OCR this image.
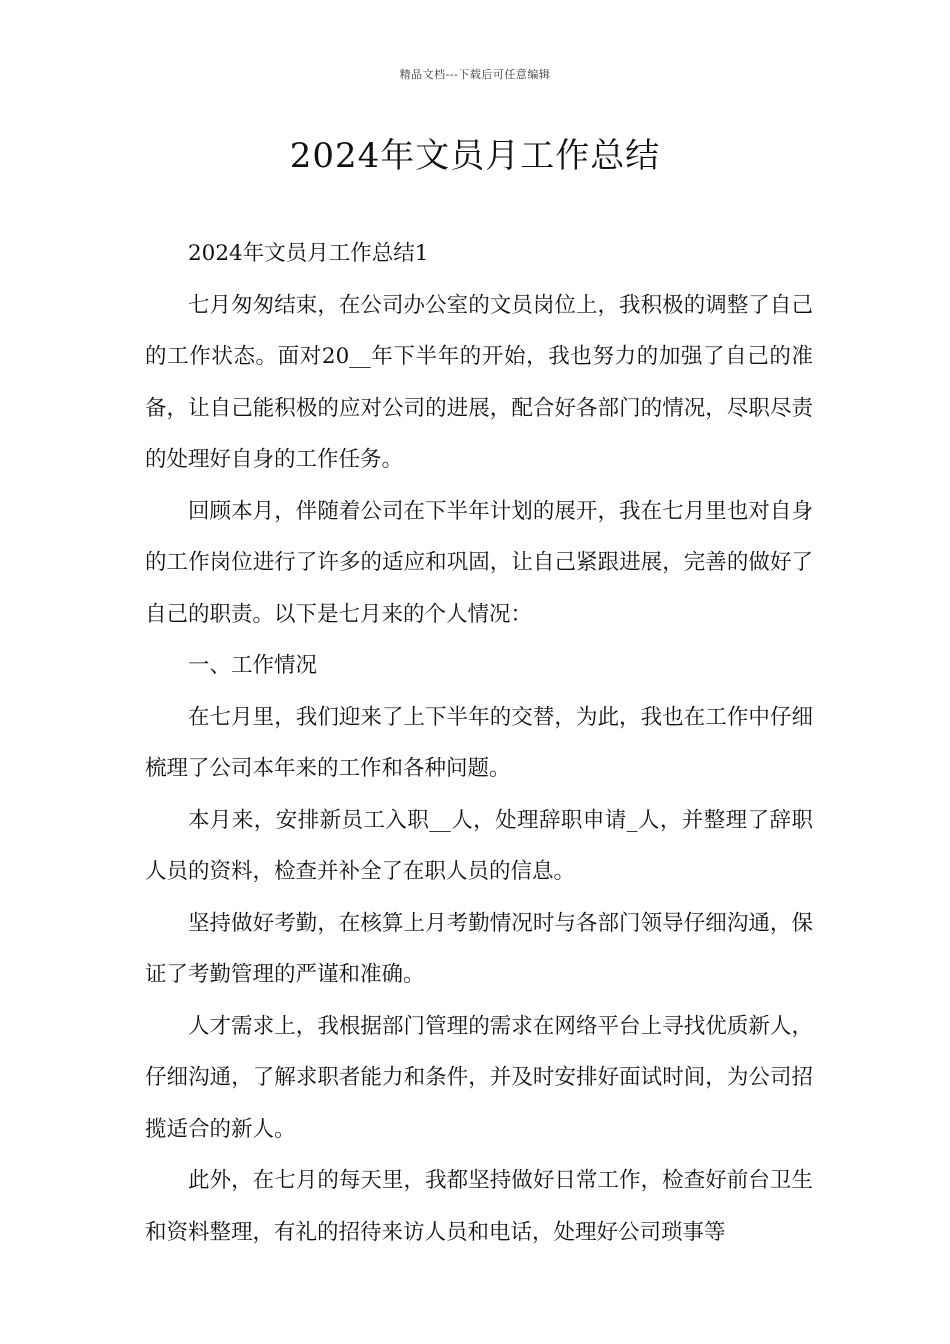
精品文档---下载后可任意编辑
2024年文员月工作总结

2024年文员月工作总结1

七月匆匆结束，在公司办公室的文员岗位上，我积极的调整了自己的工作状态。面对20__年下半年的开始，我也努力的加强了自己的准备，让自己能积极的应对公司的进展，配合好各部门的情况，尽职尽责的处理好自身的工作任务。

回顾本月，伴随着公司在下半年计划的展开，我在七月里也对自身的工作岗位进行了许多的适应和巩固，让自己紧跟进展，完善的做好了自己的职责。以下是七月来的个人情况：

一、工作情况

在七月里，我们迎来了上下半年的交替，为此，我也在工作中仔细梳理了公司本年来的工作和各种问题。

本月来，安排新员工入职__人，处理辞职申请_人，并整理了辞职人员的资料，检查并补全了在职人员的信息。

坚持做好考勤，在核算上月考勤情况时与各部门领导仔细沟通，保证了考勤管理的严谨和准确。

人才需求上，我根据部门管理的需求在网络平台上寻找优质新人，仔细沟通，了解求职者能力和条件，并及时安排好面试时间，为公司招揽适合的新人。

此外，在七月的每天里，我都坚持做好日常工作，检查好前台卫生和资料整理，有礼的招待来访人员和电话，处理好公司琐事等
